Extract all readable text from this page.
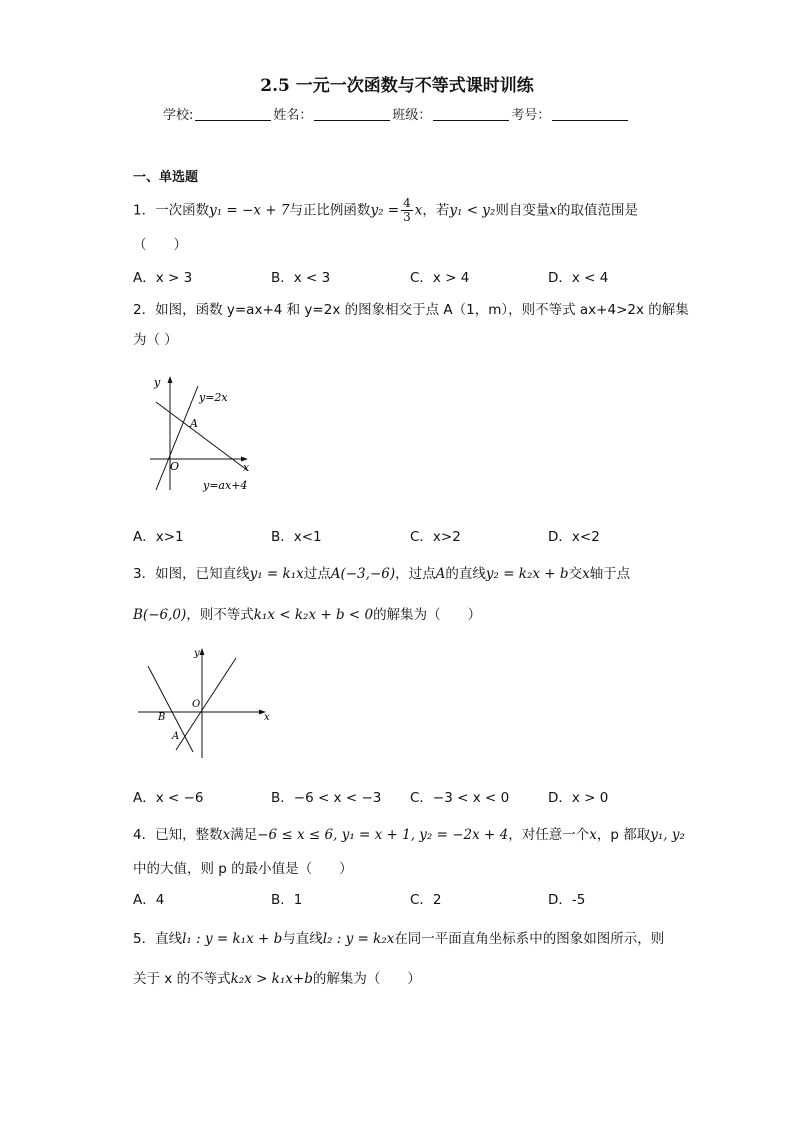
2.5 一元一次函数与不等式课时训练
学校:	姓名：	班级：	考号：
一、单选题
1．一次函数y₁ = −x + 7与正比例函数$y_2 = \frac{4}{3}$ x，若y₁ < y₂则自变量x的取值范围是
（　　）
A．x > 3	B．x < 3	C．x > 4	D．x < 4
2．如图，函数 y=ax+4 和 y=2x 的图象相交于点 A（1，m），则不等式 ax+4>2x 的解集
为（ ）
y
x
O
A
y=2x
y=ax+4
A．x>1	B．x<1	C．x>2	D．x<2
3．如图，已知直线y₁ = k₁x过点A(−3,−6)，过点A的直线y₂ = k₂x + b交x轴于点
B(−6,0)，则不等式k₁x < k₂x + b < 0的解集为（　　）
y
x
O
B
A
A．x < −6	B．−6 < x < −3 C．−3 < x < 0	D．x > 0
4．已知，整数x满足−6 ≤ x ≤ 6, y₁ = x + 1, y₂ = −2x + 4，对任意一个x，p 都取y₁, y₂
中的大值，则 p 的最小值是（　　）
A．4	B．1	C．2	D．-5
5．直线l₁ : y = k₁x + b与直线l₂ : y = k₂x在同一平面直角坐标系中的图象如图所示，则
关于 x 的不等式k₂x > k₁x+b的解集为（　　）
